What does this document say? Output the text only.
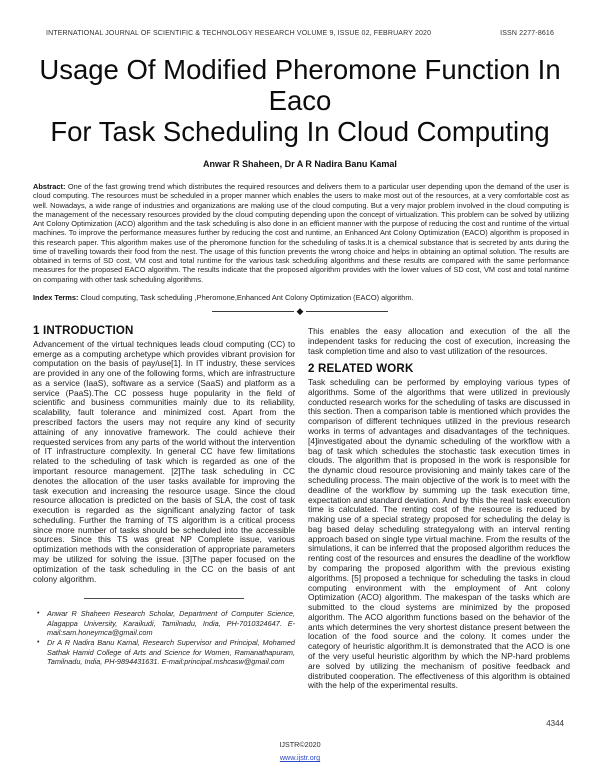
INTERNATIONAL JOURNAL OF SCIENTIFIC & TECHNOLOGY RESEARCH VOLUME 9, ISSUE 02, FEBRUARY 2020	ISSN 2277-8616
Usage Of Modified Pheromone Function In Eaco
For Task Scheduling In Cloud Computing
Anwar R Shaheen, Dr A R Nadira Banu Kamal
Abstract: One of the fast growing trend which distributes the required resources and delivers them to a particular user depending upon the demand of the user is cloud computing. The resources must be scheduled in a proper manner which enables the users to make most out of the resources, at a very comfortable cost as well. Nowadays, a wide range of industries and organizations are making use of the cloud computing. But a very major problem involved in the cloud computing is the management of the necessary resources provided by the cloud computing depending upon the concept of virtualization. This problem can be solved by utilizing Ant Colony Optimization (ACO) algorithm and the task scheduling is also done in an efficient manner with the purpose of reducing the cost and runtime of the virtual machines. To improve the performance measures further by reducing the cost and runtime, an Enhanced Ant Colony Optimization (EACO) algorithm is proposed in this research paper. This algorithm makes use of the pheromone function for the scheduling of tasks.It is a chemical substance that is secreted by ants during the time of travelling towards their food from the nest. The usage of this function prevents the wrong choice and helps in obtaining an optimal solution. The results are obtained in terms of SD cost, VM cost and total runtime for the various task scheduling algorithms and these results are compared with the same performance measures for the proposed EACO algorithm. The results indicate that the proposed algorithm provides with the lower values of SD cost, VM cost and total runtime on comparing with other task scheduling algorithms.
Index Terms: Cloud computing, Task scheduling ,Pheromone,Enhanced Ant Colony Optimization (EACO) algorithm.
◆
1 INTRODUCTION

Advancement of the virtual techniques leads cloud computing (CC) to emerge as a computing archetype which provides vibrant provision for computation on the basis of pay/use[1]. In IT industry, these services are provided in any one of the following forms, which are infrastructure as a service (IaaS), software as a service (SaaS) and platform as a service (PaaS).The CC possess huge popularity in the field of scientific and business communities mainly due to its reliability, scalability, fault tolerance and minimized cost. Apart from the prescribed factors the users may not require any kind of security attaining of any innovative framework. The could achieve their requested services from any parts of the world without the intervention of IT infrastructure complexity. In general CC have few limitations related to the scheduling of task which is regarded as one of the important resource management. [2]The task scheduling in CC denotes the allocation of the user tasks available for improving the task execution and increasing the resource usage. Since the cloud resource allocation is predicted on the basis of SLA, the cost of task execution is regarded as the significant analyzing factor of task scheduling. Further the framing of TS algorithm is a critical process since more number of tasks should be scheduled into the accessible sources. Since this TS was great NP Complete issue, various optimization methods with the consideration of appropriate parameters may be utilized for solving the issue. [3]The paper focused on the optimization of the task scheduling in the CC on the basis of ant colony algorithm.

• Anwar R Shaheen Research Scholar, Department of Computer Science, Alagappa University, Karaikudi, Tamilnadu, India, PH-7010324647. E-mail:sam.honeymca@gmail.com
• Dr A R Nadira Banu Kamal, Research Supervisor and Principal, Mohamed Sathak Hamid College of Arts and Science for Women, Ramanathapuram, Tamilnadu, India, PH-9894431631. E-mail:principal.mshcasw@gmail.com

This enables the easy allocation and execution of the all the independent tasks for reducing the cost of execution, increasing the task completion time and also to vast utilization of the resources.

2 RELATED WORK

Task scheduling can be performed by employing various types of algorithms. Some of the algorithms that were utilized in previously conducted research works for the scheduling of tasks are discussed in this section. Then a comparison table is mentioned which provides the comparison of different techniques utilized in the previous research works in terms of advantages and disadvantages of the techniques. [4]investigated about the dynamic scheduling of the workflow with a bag of task which schedules the stochastic task execution times in clouds. The algorithm that is proposed in the work is responsible for the dynamic cloud resource provisioning and mainly takes care of the scheduling process. The main objective of the work is to meet with the deadline of the workflow by summing up the task execution time, expectation and standard deviation. And by this the real task execution time is calculated. The renting cost of the resource is reduced by making use of a special strategy proposed for scheduling the delay is bag based delay scheduling strategyalong with an interval renting approach based on single type virtual machine. From the results of the simulations, it can be inferred that the proposed algorithm reduces the renting cost of the resources and ensures the deadline of the workflow by comparing the proposed algorithm with the previous existing algorithms. [5] proposed a technique for scheduling the tasks in cloud computing environment with the employment of Ant colony Optimization (ACO) algorithm. The makespan of the tasks which are submitted to the cloud systems are minimized by the proposed algorithm. The ACO algorithm functions based on the behavior of the ants which determines the very shortest distance present between the location of the food source and the colony. It comes under the category of heuristic algorithm.It is demonstrated that the ACO is one of the very useful heuristic algorithm by which the NP-hard problems are solved by utilizing the mechanism of positive feedback and distributed cooperation. The effectiveness of this algorithm is obtained with the help of the experimental results.

4344
IJSTR©2020
www.ijstr.org
